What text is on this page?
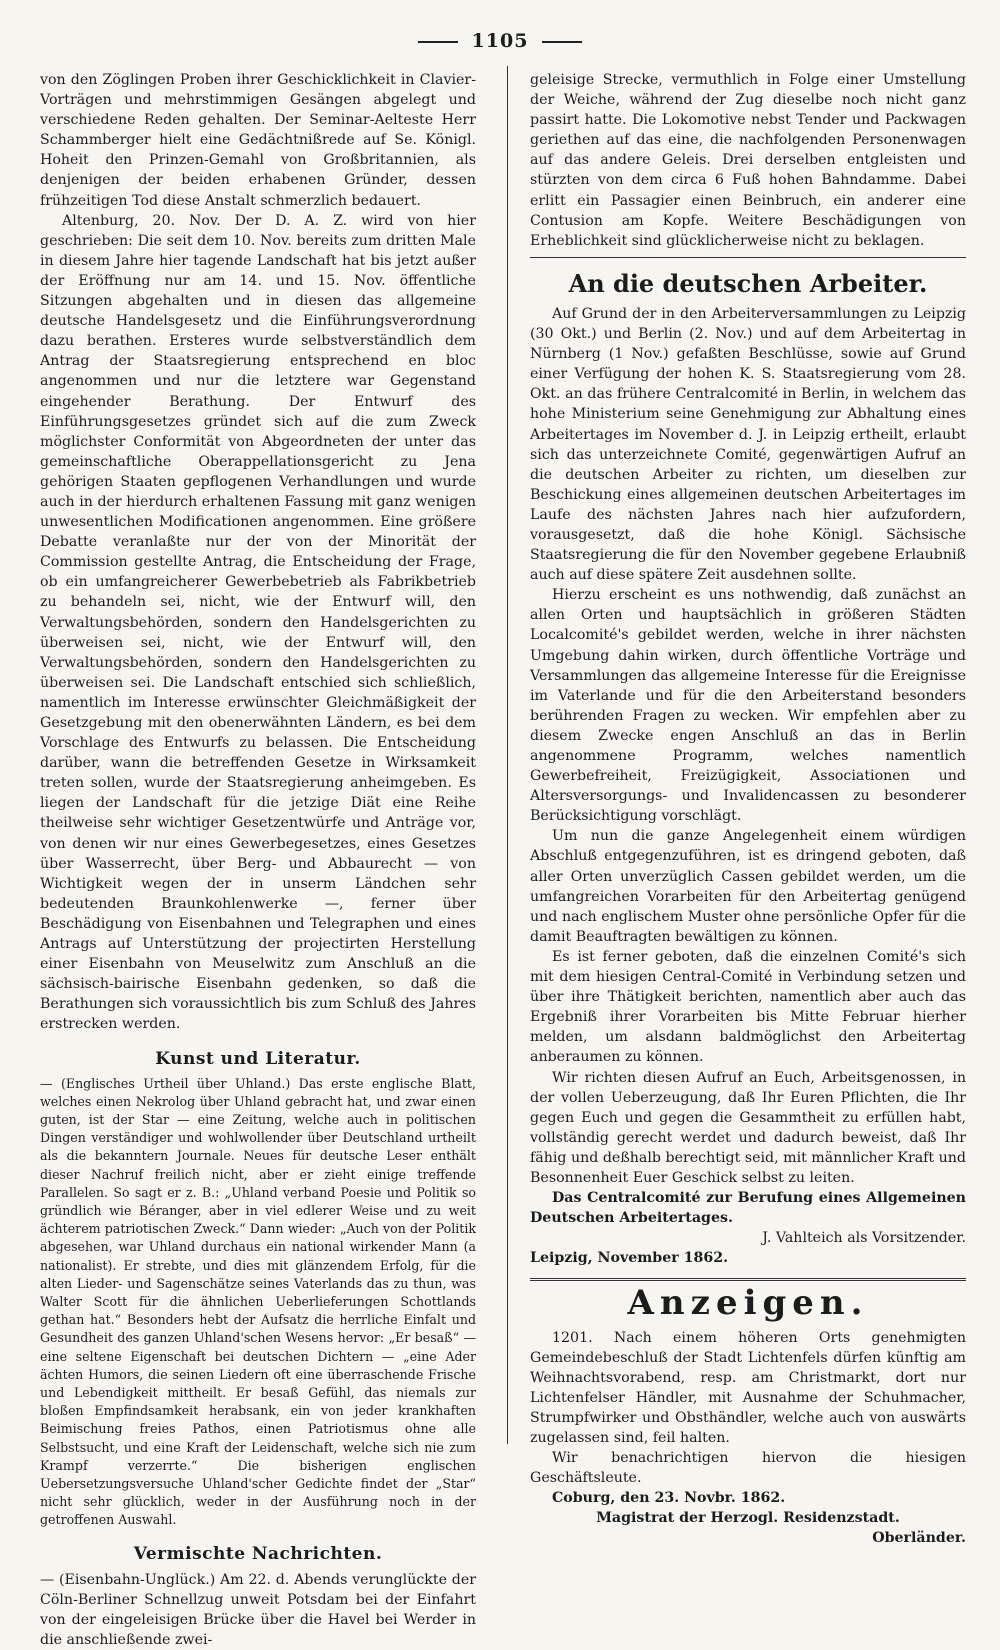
1105

von den Zöglingen Proben ihrer Geschicklichkeit in Clavier-Vorträgen und mehrstimmigen Gesängen abgelegt und verschiedene Reden gehalten. Der Seminar-Aelteste Herr Schammberger hielt eine Gedächtnißrede auf Se. Königl. Hoheit den Prinzen-Gemahl von Großbritannien, als denjenigen der beiden erhabenen Gründer, dessen frühzeitigen Tod diese Anstalt schmerzlich bedauert.

Altenburg, 20. Nov. Der D. A. Z. wird von hier geschrieben: Die seit dem 10. Nov. bereits zum dritten Male in diesem Jahre hier tagende Landschaft hat bis jetzt außer der Eröffnung nur am 14. und 15. Nov. öffentliche Sitzungen abgehalten und in diesen das allgemeine deutsche Handelsgesetz und die Einführungsverordnung dazu berathen. Ersteres wurde selbstverständlich dem Antrag der Staatsregierung entsprechend en bloc angenommen und nur die letztere war Gegenstand eingehender Berathung. Der Entwurf des Einführungsgesetzes gründet sich auf die zum Zweck möglichster Conformität von Abgeordneten der unter das gemeinschaftliche Oberappellationsgericht zu Jena gehörigen Staaten gepflogenen Verhandlungen und wurde auch in der hierdurch erhaltenen Fassung mit ganz wenigen unwesentlichen Modificationen angenommen. Eine größere Debatte veranlaßte nur der von der Minorität der Commission gestellte Antrag, die Entscheidung der Frage, ob ein umfangreicherer Gewerbebetrieb als Fabrikbetrieb zu behandeln sei, nicht, wie der Entwurf will, den Verwaltungsbehörden, sondern den Handelsgerichten zu überweisen sei, nicht, wie der Entwurf will, den Verwaltungsbehörden, sondern den Handelsgerichten zu überweisen sei. Die Landschaft entschied sich schließlich, namentlich im Interesse erwünschter Gleichmäßigkeit der Gesetzgebung mit den obenerwähnten Ländern, es bei dem Vorschlage des Entwurfs zu belassen. Die Entscheidung darüber, wann die betreffenden Gesetze in Wirksamkeit treten sollen, wurde der Staatsregierung anheimgeben. Es liegen der Landschaft für die jetzige Diät eine Reihe theilweise sehr wichtiger Gesetzentwürfe und Anträge vor, von denen wir nur eines Gewerbegesetzes, eines Gesetzes über Wasserrecht, über Berg- und Abbaurecht — von Wichtigkeit wegen der in unserm Ländchen sehr bedeutenden Braunkohlenwerke —, ferner über Beschädigung von Eisenbahnen und Telegraphen und eines Antrags auf Unterstützung der projectirten Herstellung einer Eisenbahn von Meuselwitz zum Anschluß an die sächsisch-bairische Eisenbahn gedenken, so daß die Berathungen sich voraussichtlich bis zum Schluß des Jahres erstrecken werden.

Kunst und Literatur.

— (Englisches Urtheil über Uhland.) Das erste englische Blatt, welches einen Nekrolog über Uhland gebracht hat, und zwar einen guten, ist der Star — eine Zeitung, welche auch in politischen Dingen verständiger und wohlwollender über Deutschland urtheilt als die bekanntern Journale. Neues für deutsche Leser enthält dieser Nachruf freilich nicht, aber er zieht einige treffende Parallelen. So sagt er z. B.: „Uhland verband Poesie und Politik so gründlich wie Béranger, aber in viel edlerer Weise und zu weit ächterem patriotischen Zweck.“ Dann wieder: „Auch von der Politik abgesehen, war Uhland durchaus ein national wirkender Mann (a nationalist). Er strebte, und dies mit glänzendem Erfolg, für die alten Lieder- und Sagenschätze seines Vaterlands das zu thun, was Walter Scott für die ähnlichen Ueberlieferungen Schottlands gethan hat.“ Besonders hebt der Aufsatz die herrliche Einfalt und Gesundheit des ganzen Uhland'schen Wesens hervor: „Er besaß“ — eine seltene Eigenschaft bei deutschen Dichtern — „eine Ader ächten Humors, die seinen Liedern oft eine überraschende Frische und Lebendigkeit mittheilt. Er besaß Gefühl, das niemals zur bloßen Empfindsamkeit herabsank, ein von jeder krankhaften Beimischung freies Pathos, einen Patriotismus ohne alle Selbstsucht, und eine Kraft der Leidenschaft, welche sich nie zum Krampf verzerrte.“ Die bisherigen englischen Uebersetzungsversuche Uhland'scher Gedichte findet der „Star“ nicht sehr glücklich, weder in der Ausführung noch in der getroffenen Auswahl.

Vermischte Nachrichten.

— (Eisenbahn-Unglück.) Am 22. d. Abends verunglückte der Cöln-Berliner Schnellzug unweit Potsdam bei der Einfahrt von der eingeleisigen Brücke über die Havel bei Werder in die anschließende zwei-

geleisige Strecke, vermuthlich in Folge einer Umstellung der Weiche, während der Zug dieselbe noch nicht ganz passirt hatte. Die Lokomotive nebst Tender und Packwagen geriethen auf das eine, die nachfolgenden Personenwagen auf das andere Geleis. Drei derselben entgleisten und stürzten von dem circa 6 Fuß hohen Bahndamme. Dabei erlitt ein Passagier einen Beinbruch, ein anderer eine Contusion am Kopfe. Weitere Beschädigungen von Erheblichkeit sind glücklicherweise nicht zu beklagen.

An die deutschen Arbeiter.

Auf Grund der in den Arbeiterversammlungen zu Leipzig (30 Okt.) und Berlin (2. Nov.) und auf dem Arbeitertag in Nürnberg (1 Nov.) gefaßten Beschlüsse, sowie auf Grund einer Verfügung der hohen K. S. Staatsregierung vom 28. Okt. an das frühere Centralcomité in Berlin, in welchem das hohe Ministerium seine Genehmigung zur Abhaltung eines Arbeitertages im November d. J. in Leipzig ertheilt, erlaubt sich das unterzeichnete Comité, gegenwärtigen Aufruf an die deutschen Arbeiter zu richten, um dieselben zur Beschickung eines allgemeinen deutschen Arbeitertages im Laufe des nächsten Jahres nach hier aufzufordern, vorausgesetzt, daß die hohe Königl. Sächsische Staatsregierung die für den November gegebene Erlaubniß auch auf diese spätere Zeit ausdehnen sollte.

Hierzu erscheint es uns nothwendig, daß zunächst an allen Orten und hauptsächlich in größeren Städten Localcomité's gebildet werden, welche in ihrer nächsten Umgebung dahin wirken, durch öffentliche Vorträge und Versammlungen das allgemeine Interesse für die Ereignisse im Vaterlande und für die den Arbeiterstand besonders berührenden Fragen zu wecken. Wir empfehlen aber zu diesem Zwecke engen Anschluß an das in Berlin angenommene Programm, welches namentlich Gewerbefreiheit, Freizügigkeit, Associationen und Altersversorgungs- und Invalidencassen zu besonderer Berücksichtigung vorschlägt.

Um nun die ganze Angelegenheit einem würdigen Abschluß entgegenzuführen, ist es dringend geboten, daß aller Orten unverzüglich Cassen gebildet werden, um die umfangreichen Vorarbeiten für den Arbeitertag genügend und nach englischem Muster ohne persönliche Opfer für die damit Beauftragten bewältigen zu können.

Es ist ferner geboten, daß die einzelnen Comité's sich mit dem hiesigen Central-Comité in Verbindung setzen und über ihre Thätigkeit berichten, namentlich aber auch das Ergebniß ihrer Vorarbeiten bis Mitte Februar hierher melden, um alsdann baldmöglichst den Arbeitertag anberaumen zu können.

Wir richten diesen Aufruf an Euch, Arbeitsgenossen, in der vollen Ueberzeugung, daß Ihr Euren Pflichten, die Ihr gegen Euch und gegen die Gesammtheit zu erfüllen habt, vollständig gerecht werdet und dadurch beweist, daß Ihr fähig und deßhalb berechtigt seid, mit männlicher Kraft und Besonnenheit Euer Geschick selbst zu leiten.

Das Centralcomité zur Berufung eines Allgemeinen Deutschen Arbeitertages.

J. Vahlteich als Vorsitzender.

Leipzig, November 1862.

Anzeigen.

1201. Nach einem höheren Orts genehmigten Gemeindebeschluß der Stadt Lichtenfels dürfen künftig am Weihnachtsvorabend, resp. am Christmarkt, dort nur Lichtenfelser Händler, mit Ausnahme der Schuhmacher, Strumpfwirker und Obsthändler, welche auch von auswärts zugelassen sind, feil halten.

Wir benachrichtigen hiervon die hiesigen Geschäftsleute.

Coburg, den 23. Novbr. 1862.

Magistrat der Herzogl. Residenzstadt.

Oberländer.
